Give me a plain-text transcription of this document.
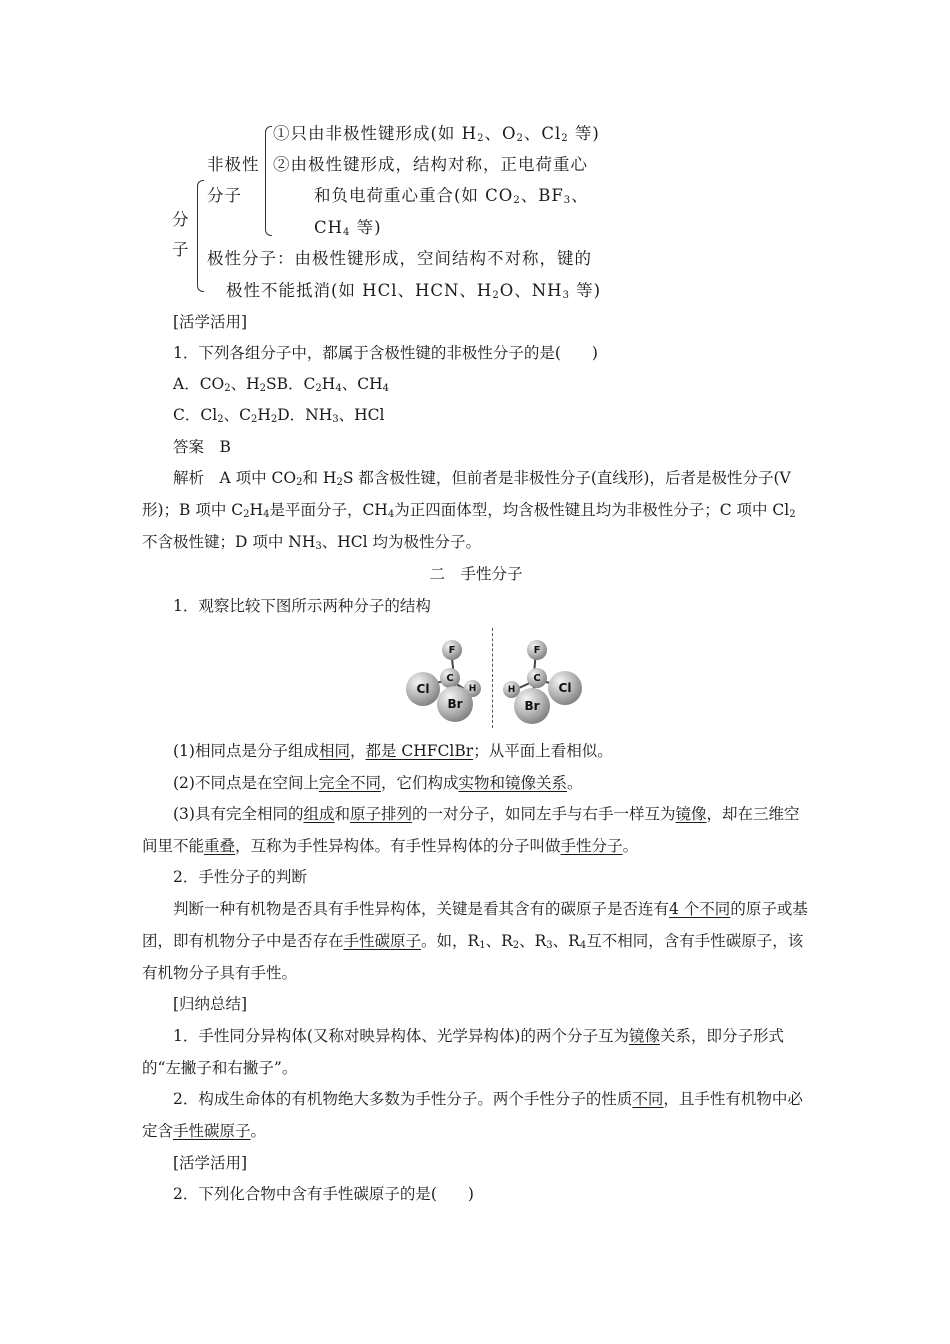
分子
非极性
分子
①只由非极性键形成(如 $H_2$、$O_2$、$Cl_2$ 等)
②由极性键形成，结构对称，正电荷重心
和负电荷重心重合(如 $CO_2$、$BF_3$、
$CH_4$ 等)
极性分子：由极性键形成，空间结构不对称，键的
极性不能抵消(如 HCl、HCN、$H_2O$、$NH_3$ 等)
[活学活用]
1．下列各组分子中，都属于含极性键的非极性分子的是(　　)
A．$CO_2$、$H_2SB$．$C_2H_4$、$CH_4$
C．$Cl_2$、$C_2H_2D$．$NH_3$、HCl
答案　B
解析　A 项中 $CO_2$和 $H_2S$ 都含极性键，但前者是非极性分子(直线形)，后者是极性分子(V 形)；B 项中 $C_2H_4$是平面分子，$CH_4$为正四面体型，均含极性键且均为非极性分子；C 项中 $Cl_2$不含极性键；D 项中 $NH_3$、HCl 均为极性分子。
二　手性分子
1．观察比较下图所示两种分子的结构
F
Cl
C
H
Br
F
H
C
Cl
Br
(1)相同点是分子组成相同，都是 CHFClBr；从平面上看相似。
(2)不同点是在空间上完全不同，它们构成实物和镜像关系。
(3)具有完全相同的组成和原子排列的一对分子，如同左手与右手一样互为镜像，却在三维空间里不能重叠，互称为手性异构体。有手性异构体的分子叫做手性分子。
2．手性分子的判断
判断一种有机物是否具有手性异构体，关键是看其含有的碳原子是否连有4 个不同的原子或基团，即有机物分子中是否存在手性碳原子。如，$R_1$、$R_2$、$R_3$、$R_4$互不相同，含有手性碳原子，该有机物分子具有手性。
[归纳总结]
1．手性同分异构体(又称对映异构体、光学异构体)的两个分子互为镜像关系，即分子形式的“左撇子和右撇子”。
2．构成生命体的有机物绝大多数为手性分子。两个手性分子的性质不同，且手性有机物中必定含手性碳原子。
[活学活用]
2．下列化合物中含有手性碳原子的是(　　)
